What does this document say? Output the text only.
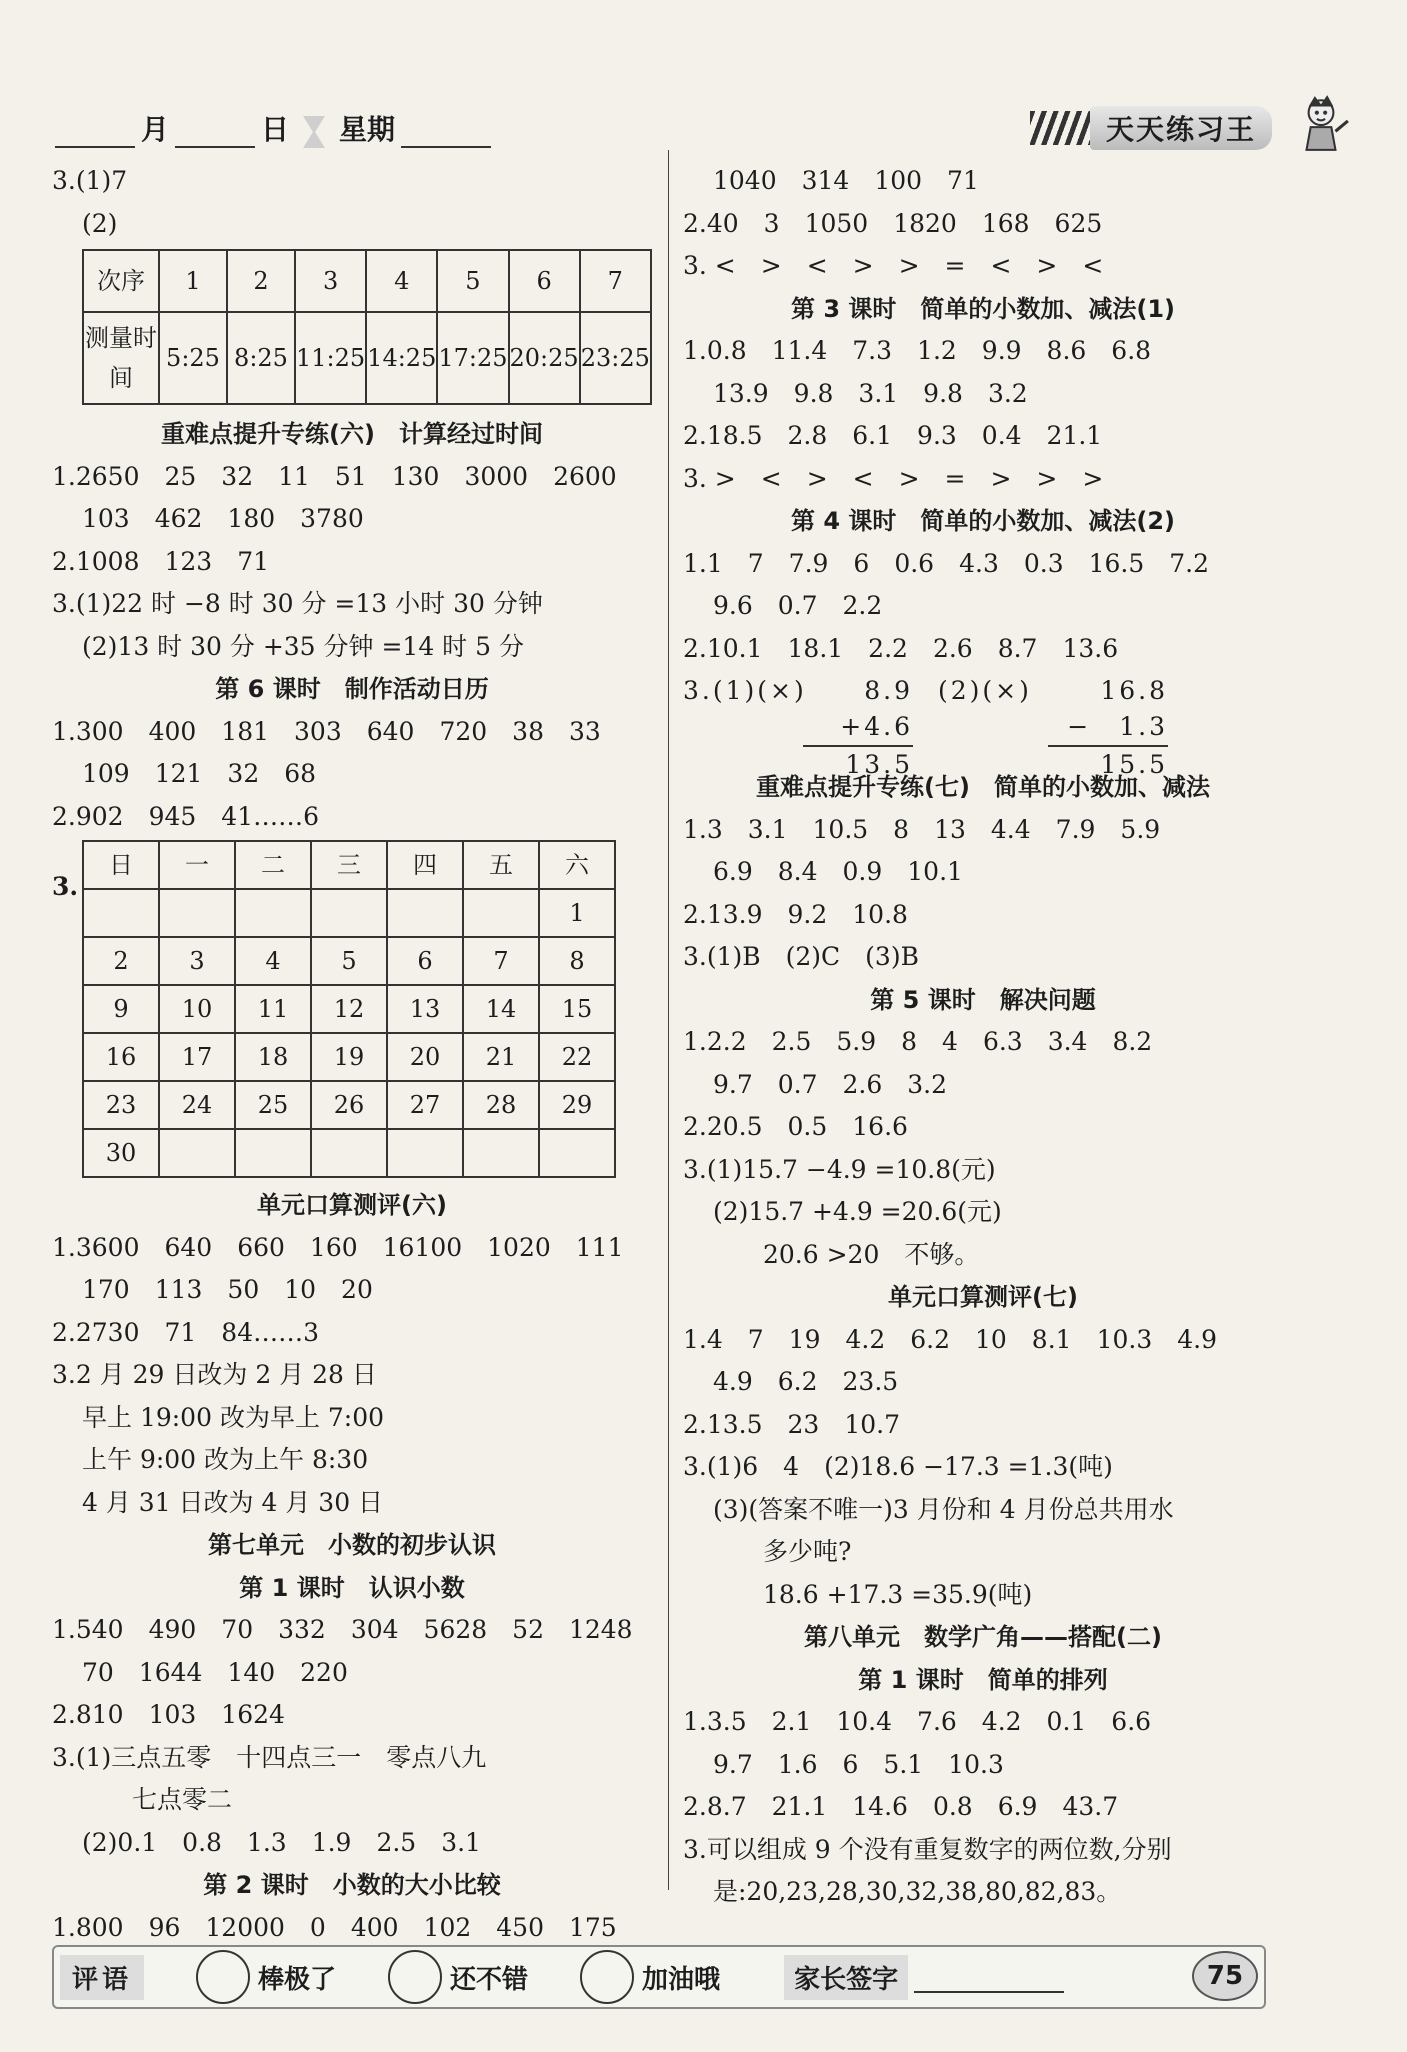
月	日 星期	天天练习王
3.(1)7
(2)
次序	1	2	3	4	5	6	7
测量时间	5:25	8:25	11:25	14:25	17:25	20:25	23:25
重难点提升专练(六)　计算经过时间
1.2650　25　32　11　51　130　3000　2600
103　462　180　3780
2.1008　123　71
3.(1)22 时 −8 时 30 分 =13 小时 30 分钟
(2)13 时 30 分 +35 分钟 =14 时 5 分
第 6 课时　制作活动日历
1.300　400　181　303　640　720　38　33
109　121　32　68
2.902　945　41……6
3.
日	一	二	三	四	五	六
						1
2	3	4	5	6	7	8
9	10	11	12	13	14	15
16	17	18	19	20	21	22
23	24	25	26	27	28	29
30						
单元口算测评(六)
1.3600　640　660　160　16100　1020　111
170　113　50　10　20
2.2730　71　84……3
3.2 月 29 日改为 2 月 28 日
早上 19:00 改为早上 7:00
上午 9:00 改为上午 8:30
4 月 31 日改为 4 月 30 日
第七单元　小数的初步认识
第 1 课时　认识小数
1.540　490　70　332　304　5628　52　1248
70　1644　140　220
2.810　103　1624
3.(1)三点五零　十四点三一　零点八九
七点零二
(2)0.1　0.8　1.3　1.9　2.5　3.1
第 2 课时　小数的大小比较
1.800　96　12000　0　400　102　450　175
1040　314　100　71
2.40　3　1050　1820　168　625
3. <　>　<　>　>　=　<　>　<
第 3 课时　简单的小数加、减法(1)
1.0.8　11.4　7.3　1.2　9.9　8.6　6.8
13.9　9.8　3.1　9.8　3.2
2.18.5　2.8　6.1　9.3　0.4　21.1
3. >　<　>　<　>　=　>　>　>
第 4 课时　简单的小数加、减法(2)
1.1　7　7.9　6　0.6　4.3　0.3　16.5　7.2
9.6　0.7　2.2
2.10.1　18.1　2.2　2.6　8.7　13.6
3.(1)(×)	8.9
+4.6
13.5
(2)(×)	16.8
−　1.3
15.5
重难点提升专练(七)　简单的小数加、减法
1.3　3.1　10.5　8　13　4.4　7.9　5.9
6.9　8.4　0.9　10.1
2.13.9　9.2　10.8
3.(1)B　(2)C　(3)B
第 5 课时　解决问题
1.2.2　2.5　5.9　8　4　6.3　3.4　8.2
9.7　0.7　2.6　3.2
2.20.5　0.5　16.6
3.(1)15.7 −4.9 =10.8(元)
(2)15.7 +4.9 =20.6(元)
20.6 >20　不够。
单元口算测评(七)
1.4　7　19　4.2　6.2　10　8.1　10.3　4.9
4.9　6.2　23.5
2.13.5　23　10.7
3.(1)6　4　(2)18.6 −17.3 =1.3(吨)
(3)(答案不唯一)3 月份和 4 月份总共用水
多少吨?
18.6 +17.3 =35.9(吨)
第八单元　数学广角——搭配(二)
第 1 课时　简单的排列
1.3.5　2.1　10.4　7.6　4.2　0.1　6.6
9.7　1.6　6　5.1　10.3
2.8.7　21.1　14.6　0.8　6.9　43.7
3.可以组成 9 个没有重复数字的两位数,分别
是:20,23,28,30,32,38,80,82,83。
评语	棒极了	还不错	加油哦	家长签字	75
